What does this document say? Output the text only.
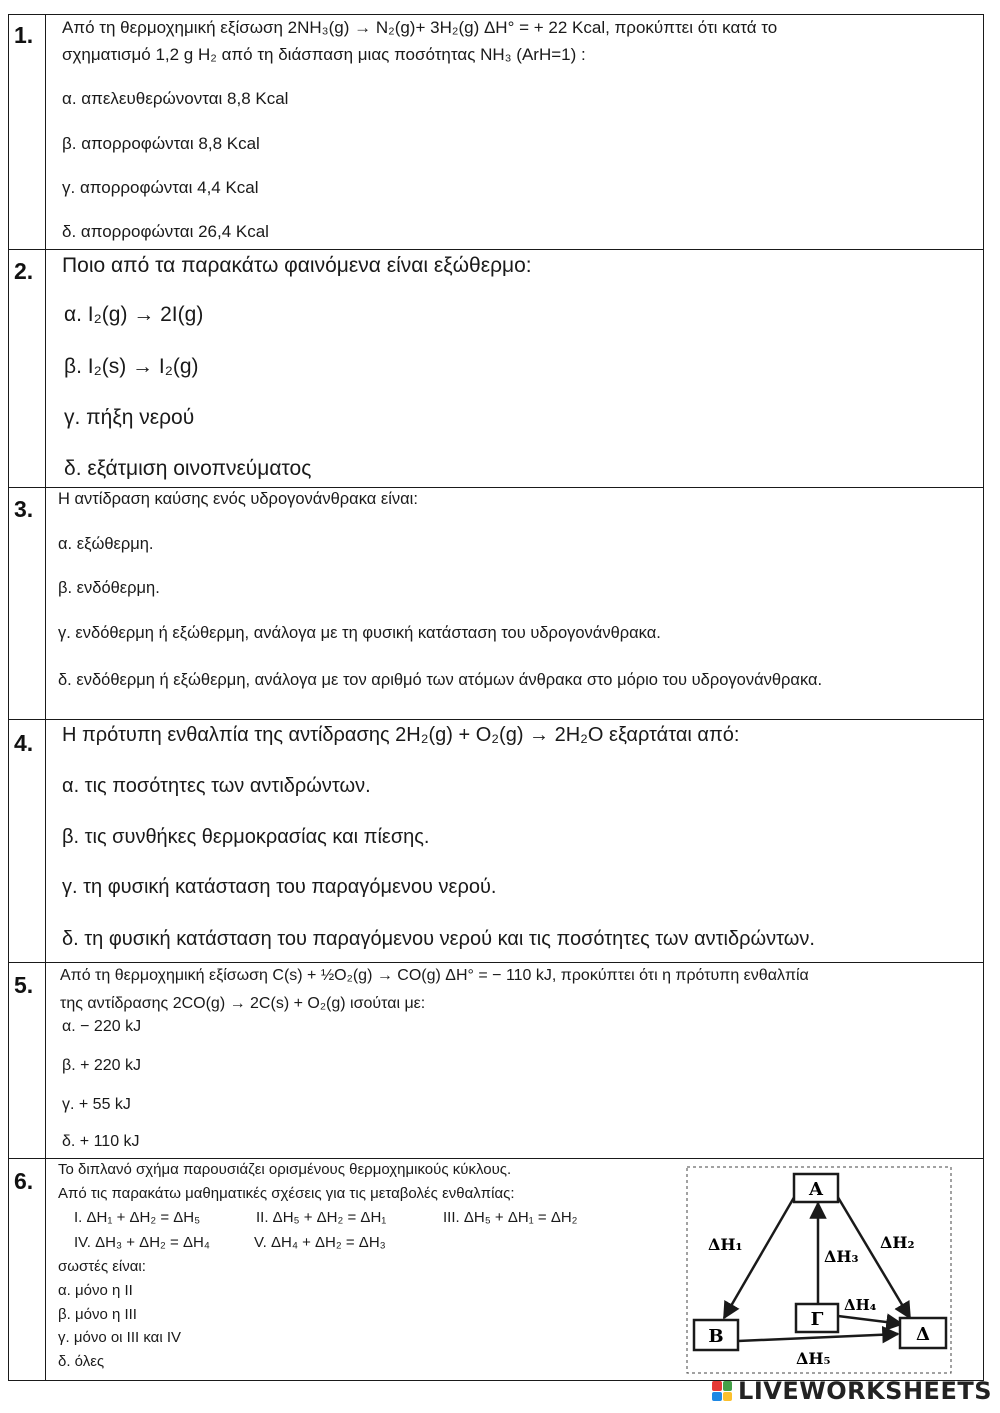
1.	Από τη θερμοχημική εξίσωση 2NH₃(g) → N₂(g)+ 3H₂(g) ΔH° = + 22 Kcal, προκύπτει ότι κατά το
σχηματισμό 1,2 g H₂ από τη διάσπαση μιας ποσότητας NH₃ (ArH=1) :
α. απελευθερώνονται 8,8 Kcal
β. απορροφώνται 8,8 Kcal
γ. απορροφώνται 4,4 Kcal
δ. απορροφώνται 26,4 Kcal
2.	Ποιο από τα παρακάτω φαινόμενα είναι εξώθερμο:
α. I₂(g) → 2I(g)
β. I₂(s) → I₂(g)
γ. πήξη νερού
δ. εξάτμιση οινοπνεύματος
3.	Η αντίδραση καύσης ενός υδρογονάνθρακα είναι:
α. εξώθερμη.
β. ενδόθερμη.
γ. ενδόθερμη ή εξώθερμη, ανάλογα με τη φυσική κατάσταση του υδρογονάνθρακα.
δ. ενδόθερμη ή εξώθερμη, ανάλογα με τον αριθμό των ατόμων άνθρακα στο μόριο του υδρογονάνθρακα.
4.	Η πρότυπη ενθαλπία της αντίδρασης 2H₂(g) + O₂(g) → 2H₂O εξαρτάται από:
α. τις ποσότητες των αντιδρώντων.
β. τις συνθήκες θερμοκρασίας και πίεσης.
γ. τη φυσική κατάσταση του παραγόμενου νερού.
δ. τη φυσική κατάσταση του παραγόμενου νερού και τις ποσότητες των αντιδρώντων.
5.	Από τη θερμοχημική εξίσωση C(s) + ½O₂(g) → CO(g) ΔH° = − 110 kJ, προκύπτει ότι η πρότυπη ενθαλπία
της αντίδρασης 2CO(g) → 2C(s) + O₂(g) ισούται με:
α. − 220 kJ
β. + 220 kJ
γ. + 55 kJ
δ. + 110 kJ
6.	Το διπλανό σχήμα παρουσιάζει ορισμένους θερμοχημικούς κύκλους.
Από τις παρακάτω μαθηματικές σχέσεις για τις μεταβολές ενθαλπίας:
I. ΔH₁ + ΔH₂ = ΔH₅	II. ΔH₅ + ΔH₂ = ΔH₁	III. ΔH₅ + ΔH₁ = ΔH₂
IV. ΔH₃ + ΔH₂ = ΔH₄	V. ΔH₄ + ΔH₂ = ΔH₃
σωστές είναι:
α. μόνο η II
β. μόνο η III
γ. μόνο οι III και IV
δ. όλες
Α
Β
Γ
Δ
ΔH₁	ΔH₂
ΔH₃
ΔH₄
ΔH₅
LIVEWORKSHEETS
